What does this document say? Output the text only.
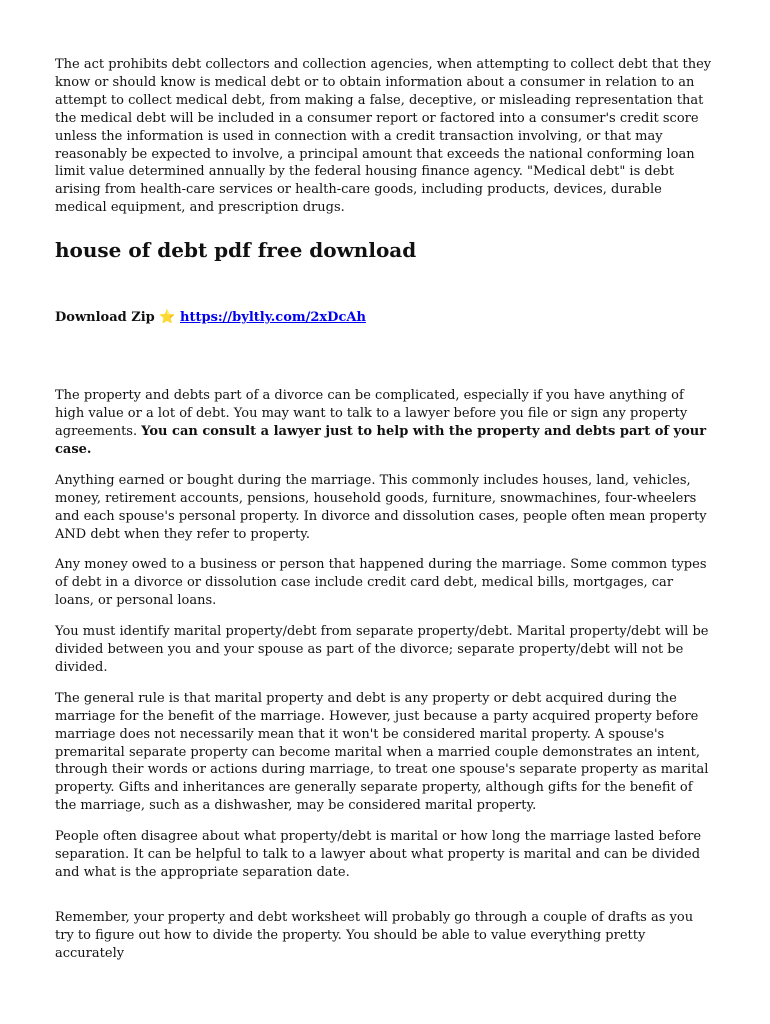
The act prohibits debt collectors and collection agencies, when attempting to collect debt that they know or should know is medical debt or to obtain information about a consumer in relation to an attempt to collect medical debt, from making a false, deceptive, or misleading representation that the medical debt will be included in a consumer report or factored into a consumer's credit score unless the information is used in connection with a credit transaction involving, or that may reasonably be expected to involve, a principal amount that exceeds the national conforming loan limit value determined annually by the federal housing finance agency. "Medical debt" is debt arising from health-care services or health-care goods, including products, devices, durable medical equipment, and prescription drugs.

house of debt pdf free download
Download Zip ⭐ https://byltly.com/2xDcAh

The property and debts part of a divorce can be complicated, especially if you have anything of high value or a lot of debt. You may want to talk to a lawyer before you file or sign any property agreements. You can consult a lawyer just to help with the property and debts part of your case.

Anything earned or bought during the marriage. This commonly includes houses, land, vehicles, money, retirement accounts, pensions, household goods, furniture, snowmachines, four-wheelers and each spouse's personal property. In divorce and dissolution cases, people often mean property AND debt when they refer to property.

Any money owed to a business or person that happened during the marriage. Some common types of debt in a divorce or dissolution case include credit card debt, medical bills, mortgages, car loans, or personal loans.

You must identify marital property/debt from separate property/debt. Marital property/debt will be divided between you and your spouse as part of the divorce; separate property/debt will not be divided.

The general rule is that marital property and debt is any property or debt acquired during the marriage for the benefit of the marriage. However, just because a party acquired property before marriage does not necessarily mean that it won't be considered marital property. A spouse's premarital separate property can become marital when a married couple demonstrates an intent, through their words or actions during marriage, to treat one spouse's separate property as marital property. Gifts and inheritances are generally separate property, although gifts for the benefit of the marriage, such as a dishwasher, may be considered marital property.

People often disagree about what property/debt is marital or how long the marriage lasted before separation. It can be helpful to talk to a lawyer about what property is marital and can be divided and what is the appropriate separation date.

Remember, your property and debt worksheet will probably go through a couple of drafts as you try to figure out how to divide the property. You should be able to value everything pretty accurately
